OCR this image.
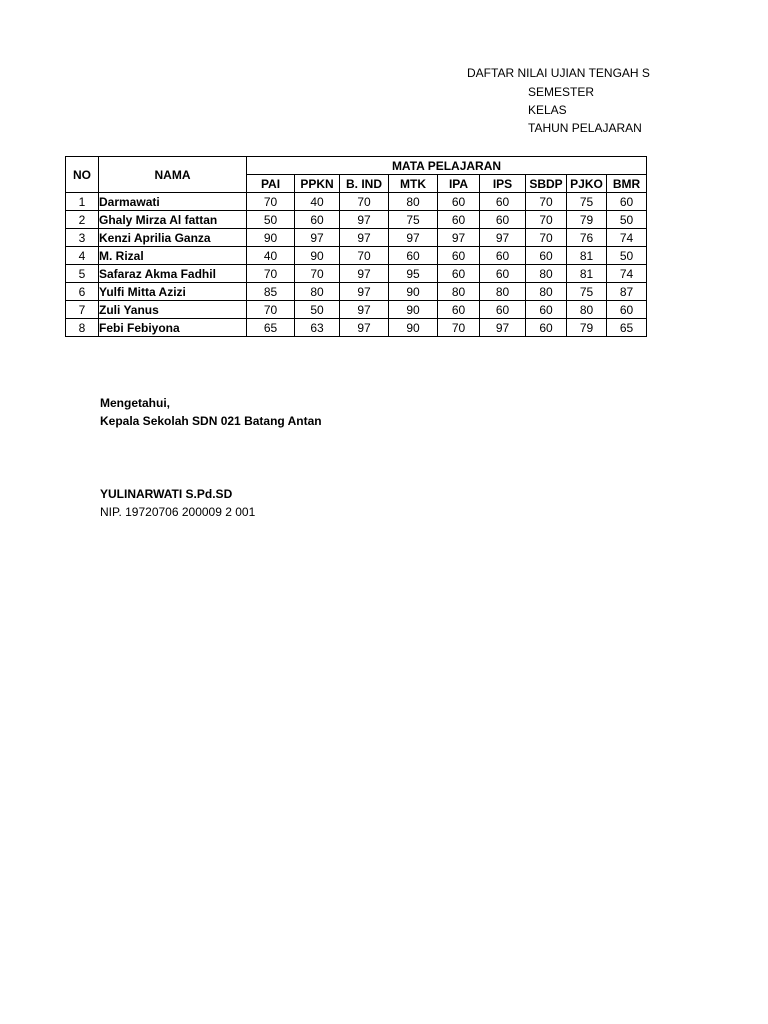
DAFTAR NILAI UJIAN TENGAH S
SEMESTER
KELAS
TAHUN PELAJARAN
NO	NAMA	MATA PELAJARAN								
		PAI	PPKN	B. IND	MTK	IPA	IPS	SBDP	PJKO	BMR
1	Darmawati	70	40	70	80	60	60	70	75	60
2	Ghaly Mirza Al fattan	50	60	97	75	60	60	70	79	50
3	Kenzi Aprilia Ganza	90	97	97	97	97	97	70	76	74
4	M. Rizal	40	90	70	60	60	60	60	81	50
5	Safaraz Akma Fadhil	70	70	97	95	60	60	80	81	74
6	Yulfi Mitta Azizi	85	80	97	90	80	80	80	75	87
7	Zuli Yanus	70	50	97	90	60	60	60	80	60
8	Febi Febiyona	65	63	97	90	70	97	60	79	65
Mengetahui,
Kepala Sekolah SDN 021 Batang Antan
YULINARWATI S.Pd.SD
NIP. 19720706 200009 2 001
